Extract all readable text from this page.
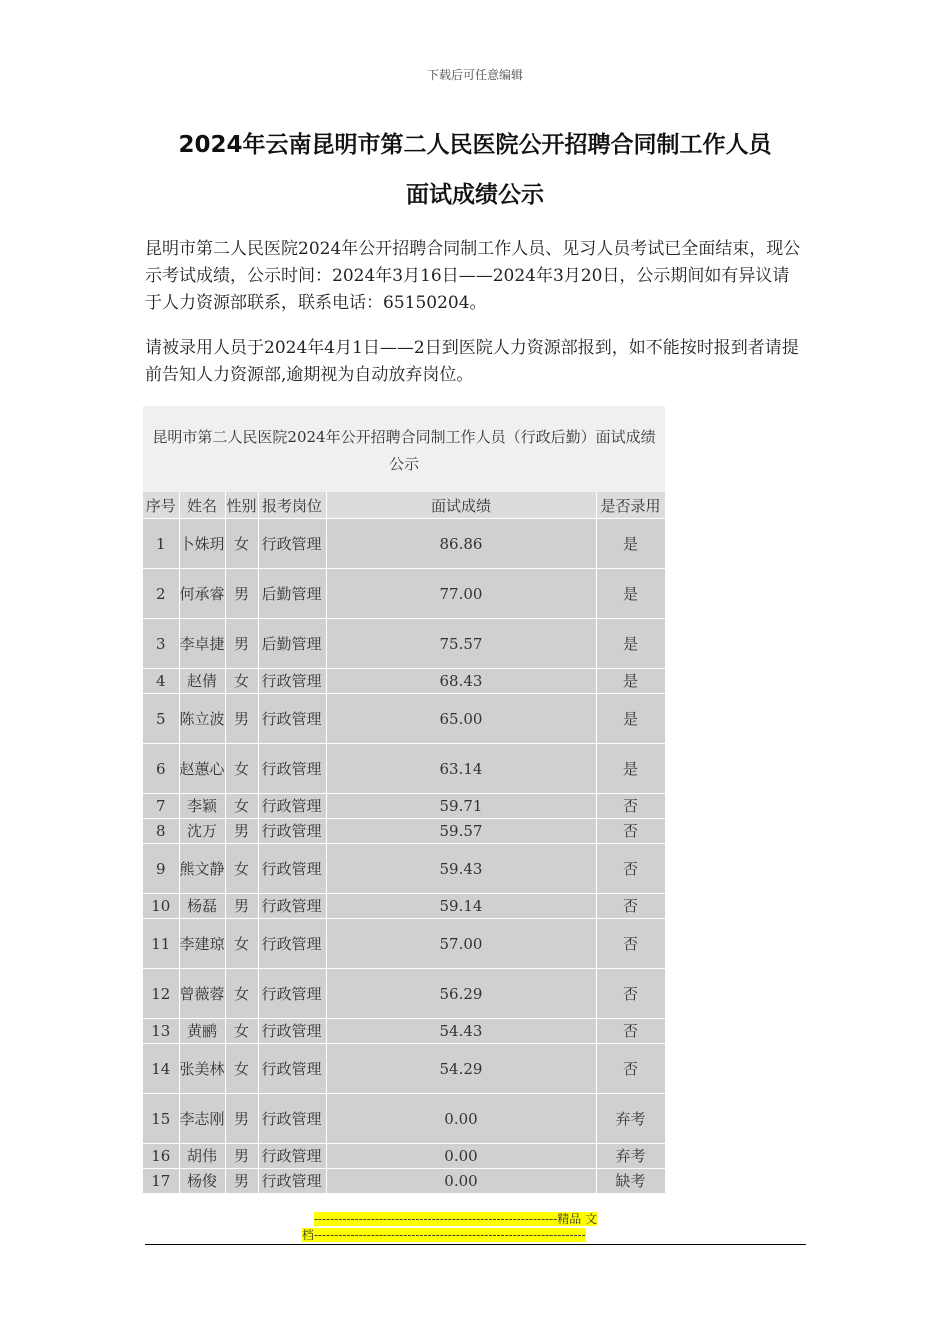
下载后可任意编辑
2024年云南昆明市第二人民医院公开招聘合同制工作人员
面试成绩公示
昆明市第二人民医院2024年公开招聘合同制工作人员、见习人员考试已全面结束，现公示考试成绩，公示时间：2024年3月16日——2024年3月20日，公示期间如有异议请于人力资源部联系，联系电话：65150204。
请被录用人员于2024年4月1日——2日到医院人力资源部报到，如不能按时报到者请提前告知人力资源部,逾期视为自动放弃岗位。
昆明市第二人民医院2024年公开招聘合同制工作人员（行政后勤）面试成绩公示
序号	姓名	性别	报考岗位	面试成绩	是否录用
1	卜姝玥	女	行政管理	86.86	是
2	何承睿	男	后勤管理	77.00	是
3	李卓捷	男	后勤管理	75.57	是
4	赵倩	女	行政管理	68.43	是
5	陈立波	男	行政管理	65.00	是
6	赵蕙心	女	行政管理	63.14	是
7	李颖	女	行政管理	59.71	否
8	沈万	男	行政管理	59.57	否
9	熊文静	女	行政管理	59.43	否
10	杨磊	男	行政管理	59.14	否
11	李建琼	女	行政管理	57.00	否
12	曾薇蓉	女	行政管理	56.29	否
13	黄鹂	女	行政管理	54.43	否
14	张美林	女	行政管理	54.29	否
15	李志刚	男	行政管理	0.00	弃考
16	胡伟	男	行政管理	0.00	弃考
17	杨俊	男	行政管理	0.00	缺考
------------------------------------------------------------精品 文
档-------------------------------------------------------------------
